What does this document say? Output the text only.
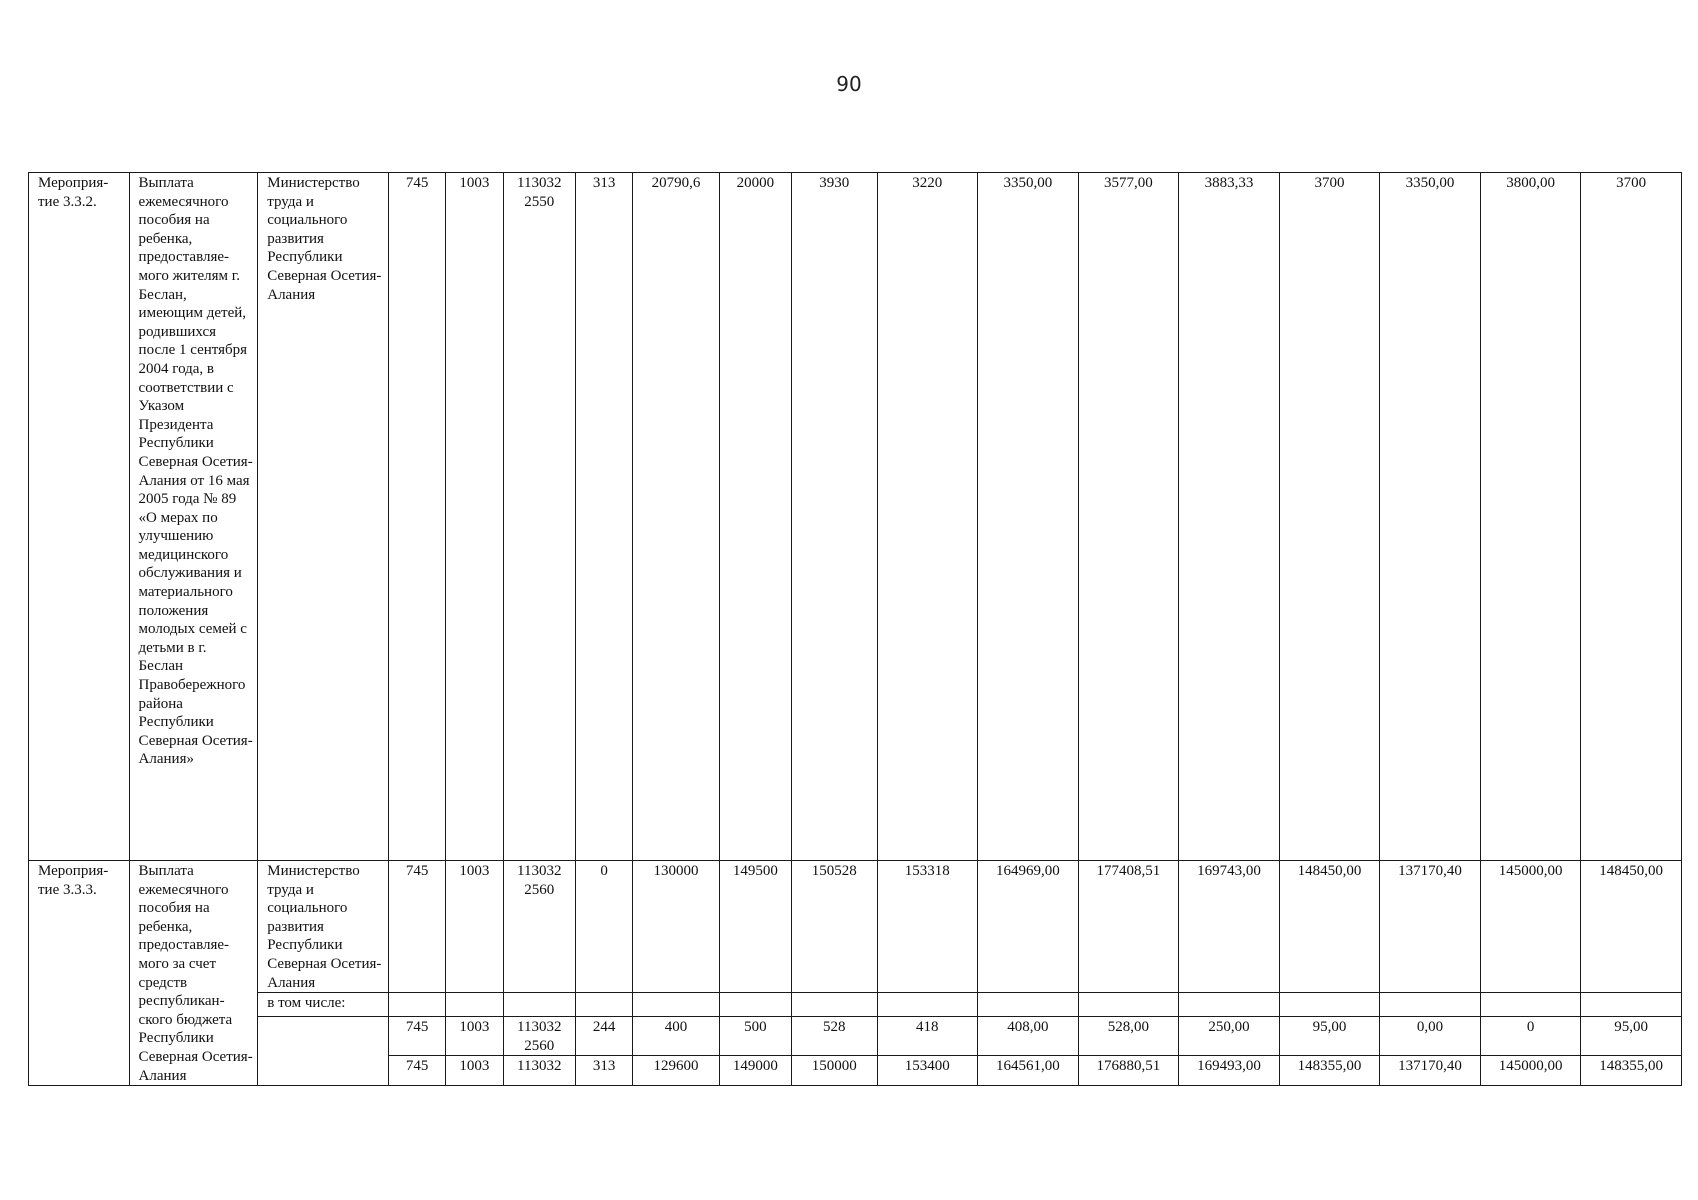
90
Мероприя-тие 3.3.2.	Выплата ежемесячного пособия на ребенка, предоставляе-мого жителям г. Беслан, имеющим детей, родившихся после 1 сентября 2004 года, в соответствии с Указом Президента Республики Северная Осетия-Алания от 16 мая 2005 года № 89 «О мерах по улучшению медицинского обслуживания и материального положения молодых семей с детьми в г. Беслан Правобережного района Республики Северная Осетия-Алания»	Министерство труда и социального развития Республики Северная Осетия-Алания	745	1003	113032 2550	313	20790,6	20000	3930	3220	3350,00	3577,00	3883,33	3700	3350,00	3800,00	3700
Мероприя-тие 3.3.3.	Выплата ежемесячного пособия на ребенка, предоставляе-мого за счет средств республикан-ского бюджета Республики Северная Осетия-Алания	Министерство труда и социального развития Республики Северная Осетия-Алания	745	1003	113032 2560	0	130000	149500	150528	153318	164969,00	177408,51	169743,00	148450,00	137170,40	145000,00	148450,00
		в том числе:															
			745	1003	113032 2560	244	400	500	528	418	408,00	528,00	250,00	95,00	0,00	0	95,00
			745	1003	113032	313	129600	149000	150000	153400	164561,00	176880,51	169493,00	148355,00	137170,40	145000,00	148355,00
